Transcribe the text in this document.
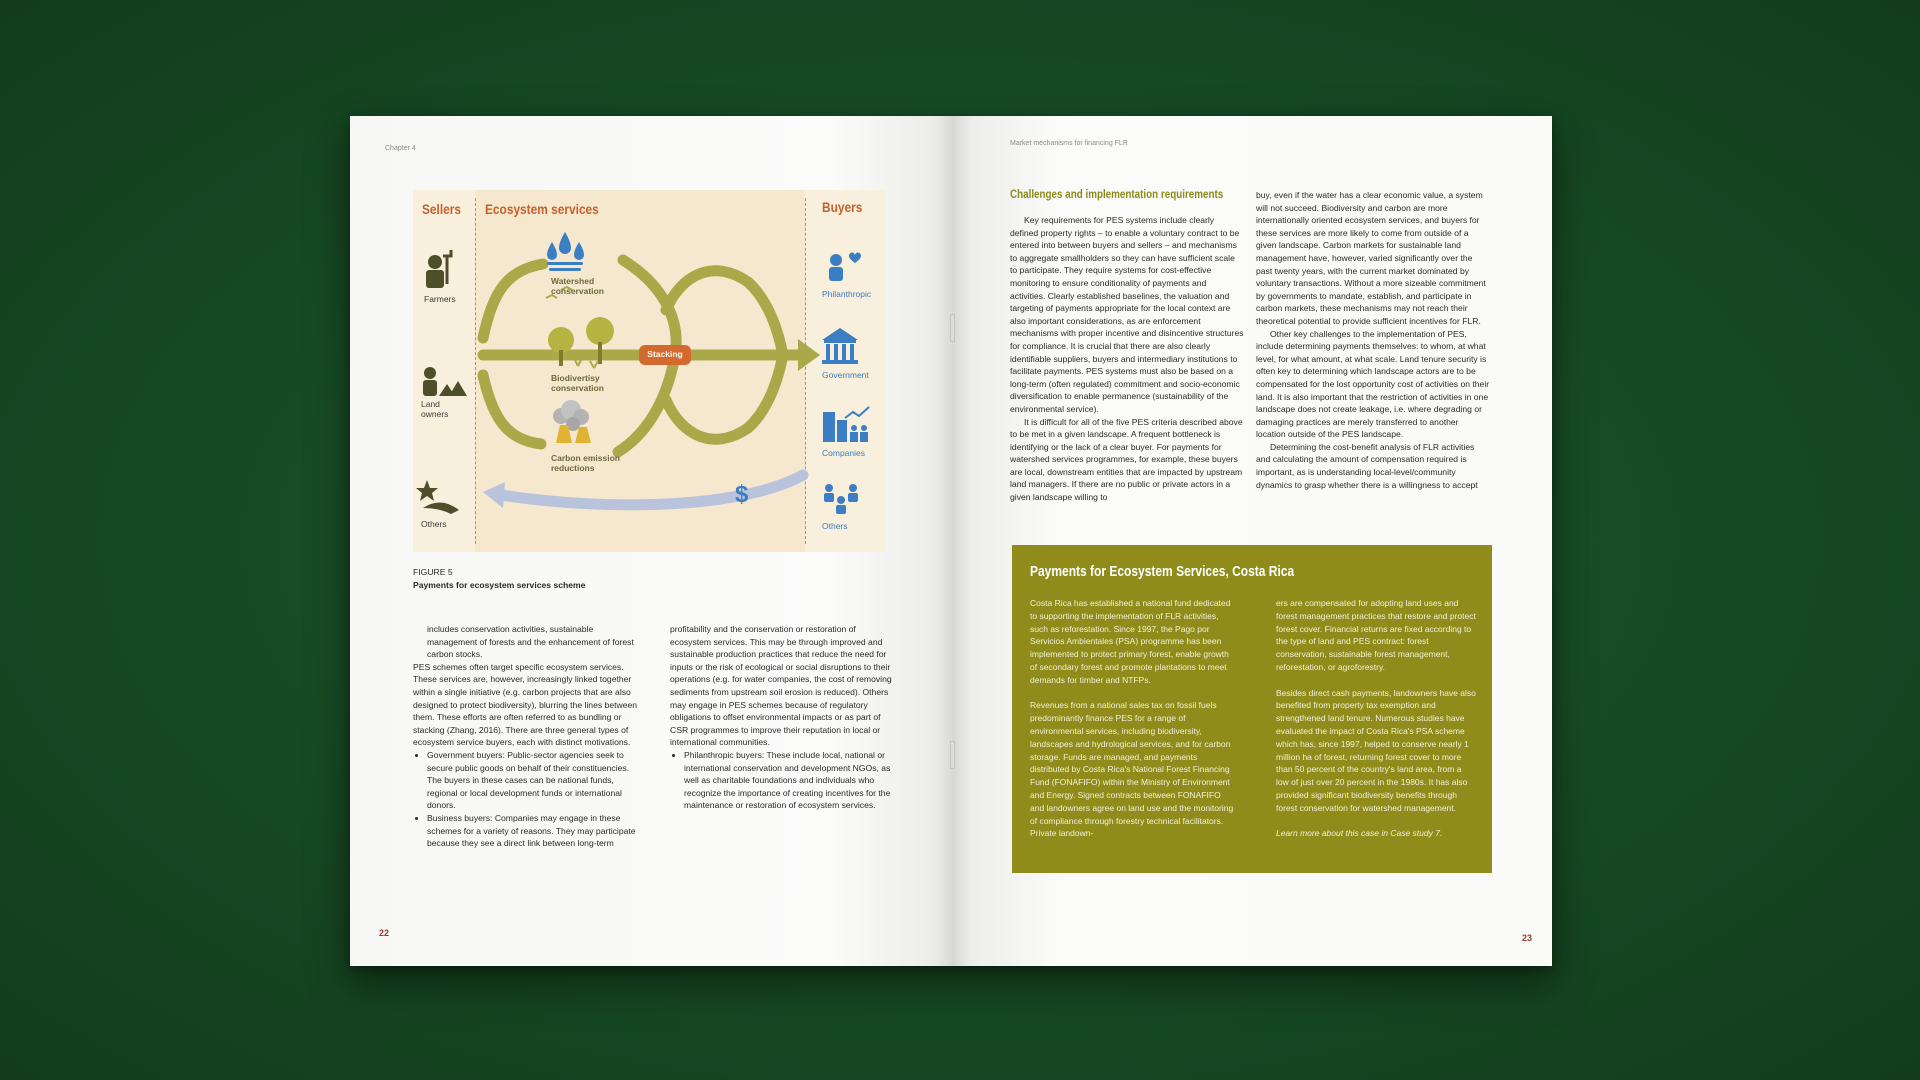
Chapter 4
Sellers Ecosystem services	Buyers
Farmers
Land owners
Others
Watershed conservation
Biodivertisy conservation
Carbon emission reductions
Stacking
$
Philanthropic
Government
Companies
Others
FIGURE 5
Payments for ecosystem services scheme

includes conservation activities, sustainable management of forests and the enhancement of forest carbon stocks.

PES schemes often target specific ecosystem services. These services are, however, increasingly linked together within a single initiative (e.g. carbon projects that are also designed to protect biodiversity), blurring the lines between them. These efforts are often referred to as bundling or stacking (Zhang, 2016). There are three general types of ecosystem service buyers, each with distinct motivations.

• Government buyers: Public-sector agencies seek to secure public goods on behalf of their constituencies. The buyers in these cases can be national funds, regional or local development funds or international donors.
• Business buyers: Companies may engage in these schemes for a variety of reasons. They may participate because they see a direct link between long-term

profitability and the conservation or restoration of ecosystem services. This may be through improved and sustainable production practices that reduce the need for inputs or the risk of ecological or social disruptions to their operations (e.g. for water companies, the cost of removing sediments from upstream soil erosion is reduced). Others may engage in PES schemes because of regulatory obligations to offset environmental impacts or as part of CSR programmes to improve their reputation in local or international communities.

• Philanthropic buyers: These include local, national or international conservation and development NGOs, as well as charitable foundations and individuals who recognize the importance of creating incentives for the maintenance or restoration of ecosystem services.
22
Market mechanisms for financing FLR
Challenges and implementation requirements

Key requirements for PES systems include clearly defined property rights – to enable a voluntary contract to be entered into between buyers and sellers – and mechanisms to aggregate smallholders so they can have sufficient scale to participate. They require systems for cost-effective monitoring to ensure conditionality of payments and activities. Clearly established baselines, the valuation and targeting of payments appropriate for the local context are also important considerations, as are enforcement mechanisms with proper incentive and disincentive structures for compliance. It is crucial that there are also clearly identifiable suppliers, buyers and intermediary institutions to facilitate payments. PES systems must also be based on a long-term (often regulated) commitment and socio-economic diversification to enable permanence (sustainability of the environmental service).

It is difficult for all of the five PES criteria described above to be met in a given landscape. A frequent bottleneck is identifying or the lack of a clear buyer. For payments for watershed services programmes, for example, these buyers are local, downstream entities that are impacted by upstream land managers. If there are no public or private actors in a given landscape willing to

buy, even if the water has a clear economic value, a system will not succeed. Biodiversity and carbon are more internationally oriented ecosystem services, and buyers for these services are more likely to come from outside of a given landscape. Carbon markets for sustainable land management have, however, varied significantly over the past twenty years, with the current market dominated by voluntary transactions. Without a more sizeable commitment by governments to mandate, establish, and participate in carbon markets, these mechanisms may not reach their theoretical potential to provide sufficient incentives for FLR.

Other key challenges to the implementation of PES, include determining payments themselves: to whom, at what level, for what amount, at what scale. Land tenure security is often key to determining which landscape actors are to be compensated for the lost opportunity cost of activities on their land. It is also important that the restriction of activities in one landscape does not create leakage, i.e. where degrading or damaging practices are merely transferred to another location outside of the PES landscape.

Determining the cost-benefit analysis of FLR activities and calculating the amount of compensation required is important, as is understanding local-level/community dynamics to grasp whether there is a willingness to accept

Payments for Ecosystem Services, Costa Rica

Costa Rica has established a national fund dedicated to supporting the implementation of FLR activities, such as reforestation. Since 1997, the Pago por Servicios Ambientales (PSA) programme has been implemented to protect primary forest, enable growth of secondary forest and promote plantations to meet demands for timber and NTFPs.

Revenues from a national sales tax on fossil fuels predominantly finance PES for a range of environmental services, including biodiversity, landscapes and hydrological services, and for carbon storage. Funds are managed, and payments distributed by Costa Rica's National Forest Financing Fund (FONAFIFO) within the Ministry of Environment and Energy. Signed contracts between FONAFIFO and landowners agree on land use and the monitoring of compliance through forestry technical facilitators. Private landown-

ers are compensated for adopting land uses and forest management practices that restore and protect forest cover. Financial returns are fixed according to the type of land and PES contract: forest conservation, sustainable forest management, reforestation, or agroforestry.

Besides direct cash payments, landowners have also benefited from property tax exemption and strengthened land tenure. Numerous studies have evaluated the impact of Costa Rica's PSA scheme which has, since 1997, helped to conserve nearly 1 million ha of forest, returning forest cover to more than 50 percent of the country's land area, from a low of just over 20 percent in the 1980s. It has also provided significant biodiversity benefits through forest conservation for watershed management.

Learn more about this case in Case study 7.

23
